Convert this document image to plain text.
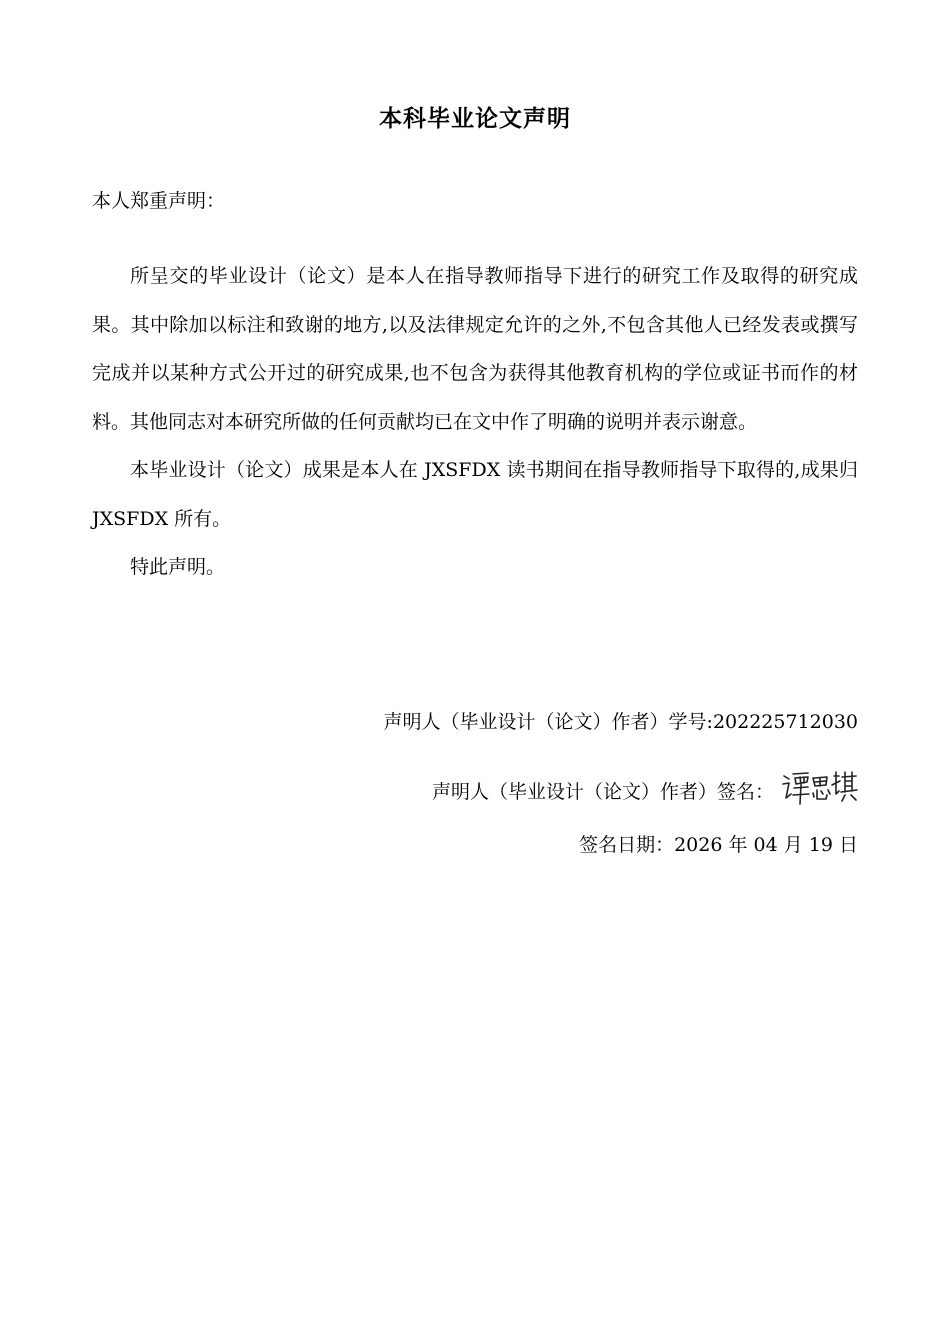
本科毕业论文声明
本人郑重声明：

所呈交的毕业设计（论文）是本人在指导教师指导下进行的研究工作及取得的研究成果。其中除加以标注和致谢的地方,以及法律规定允许的之外,不包含其他人已经发表或撰写完成并以某种方式公开过的研究成果,也不包含为获得其他教育机构的学位或证书而作的材料。其他同志对本研究所做的任何贡献均已在文中作了明确的说明并表示谢意。

本毕业设计（论文）成果是本人在 JXSFDX 读书期间在指导教师指导下取得的,成果归 JXSFDX 所有。

特此声明。

声明人（毕业设计（论文）作者）学号:202225712030
声明人（毕业设计（论文）作者）签名：
签名日期：2026 年 04 月 19 日
